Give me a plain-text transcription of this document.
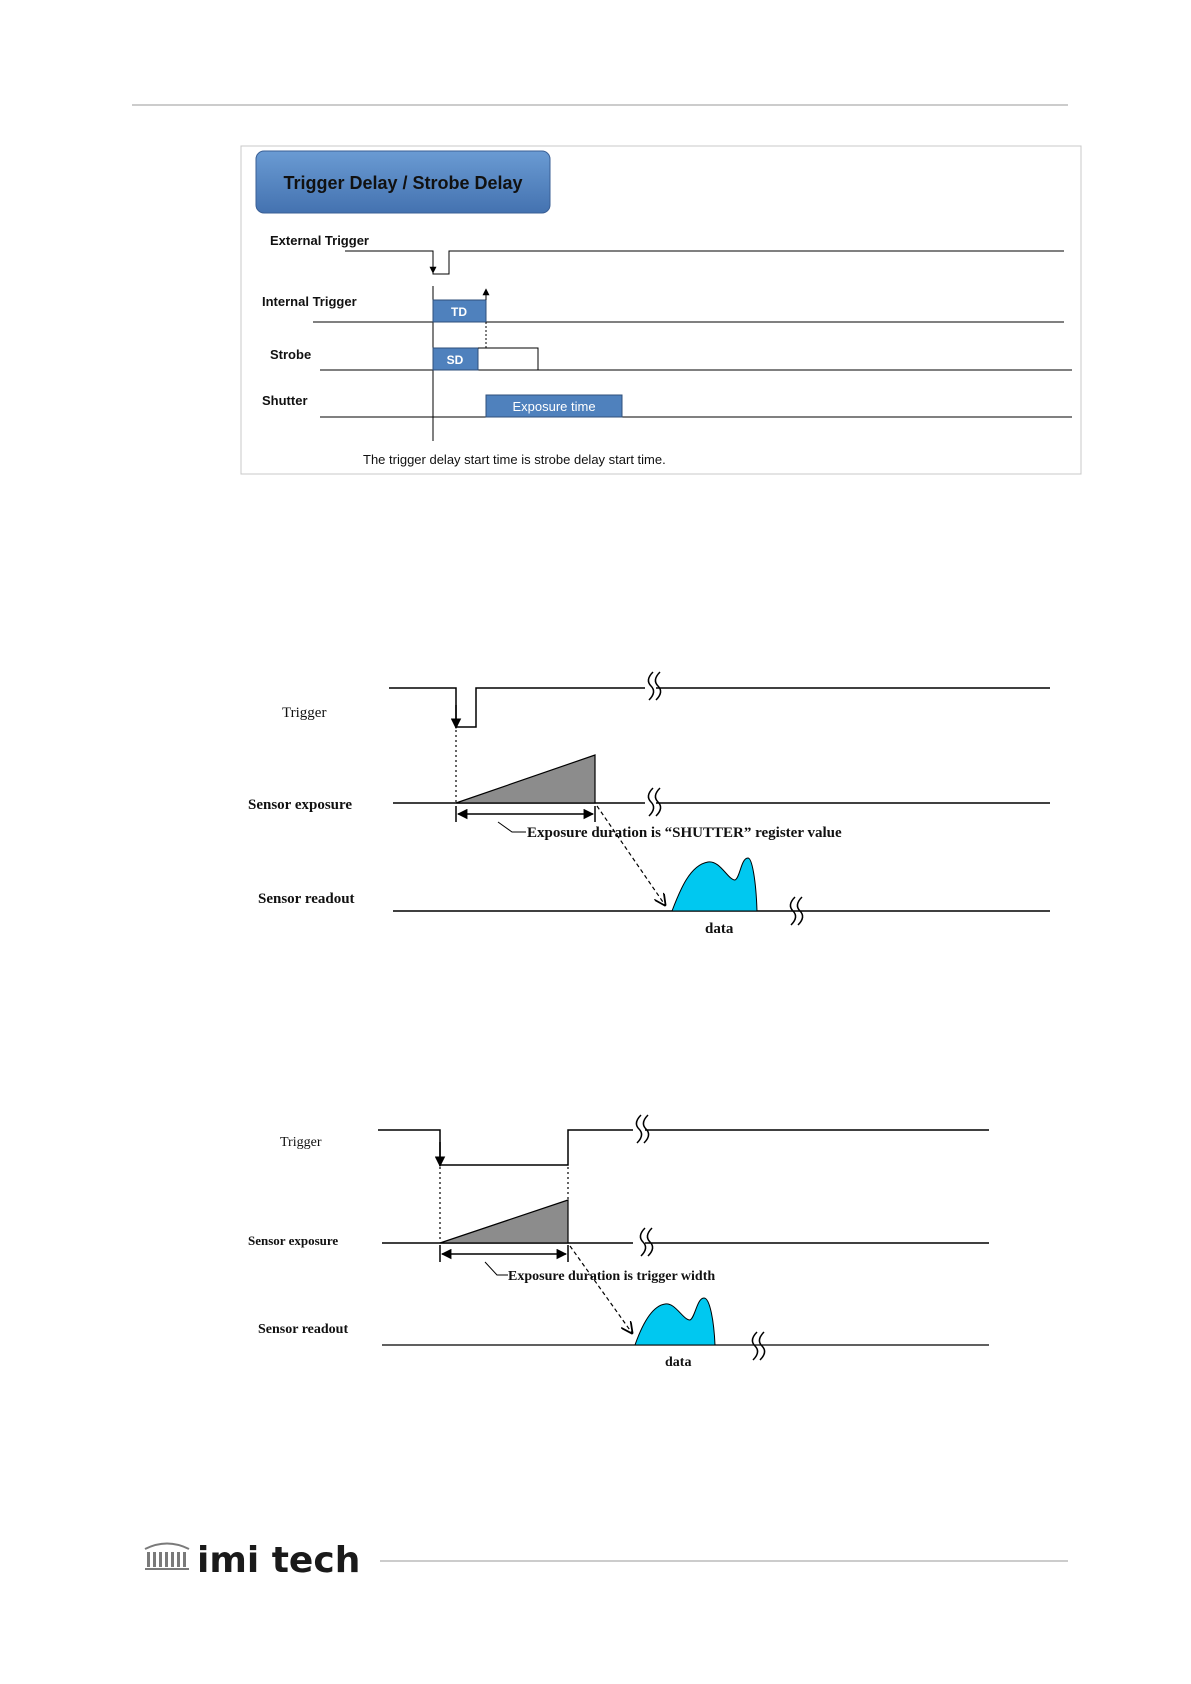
Trigger Delay / Strobe Delay
External Trigger
Internal Trigger
Strobe
Shutter
TD
SD
Exposure time
The trigger delay start time is strobe delay start time.
Trigger
Sensor exposure
Sensor readout
Exposure duration is “SHUTTER” register value
data
Trigger
Sensor exposure
Sensor readout
Exposure duration is trigger width
data
imi tech
